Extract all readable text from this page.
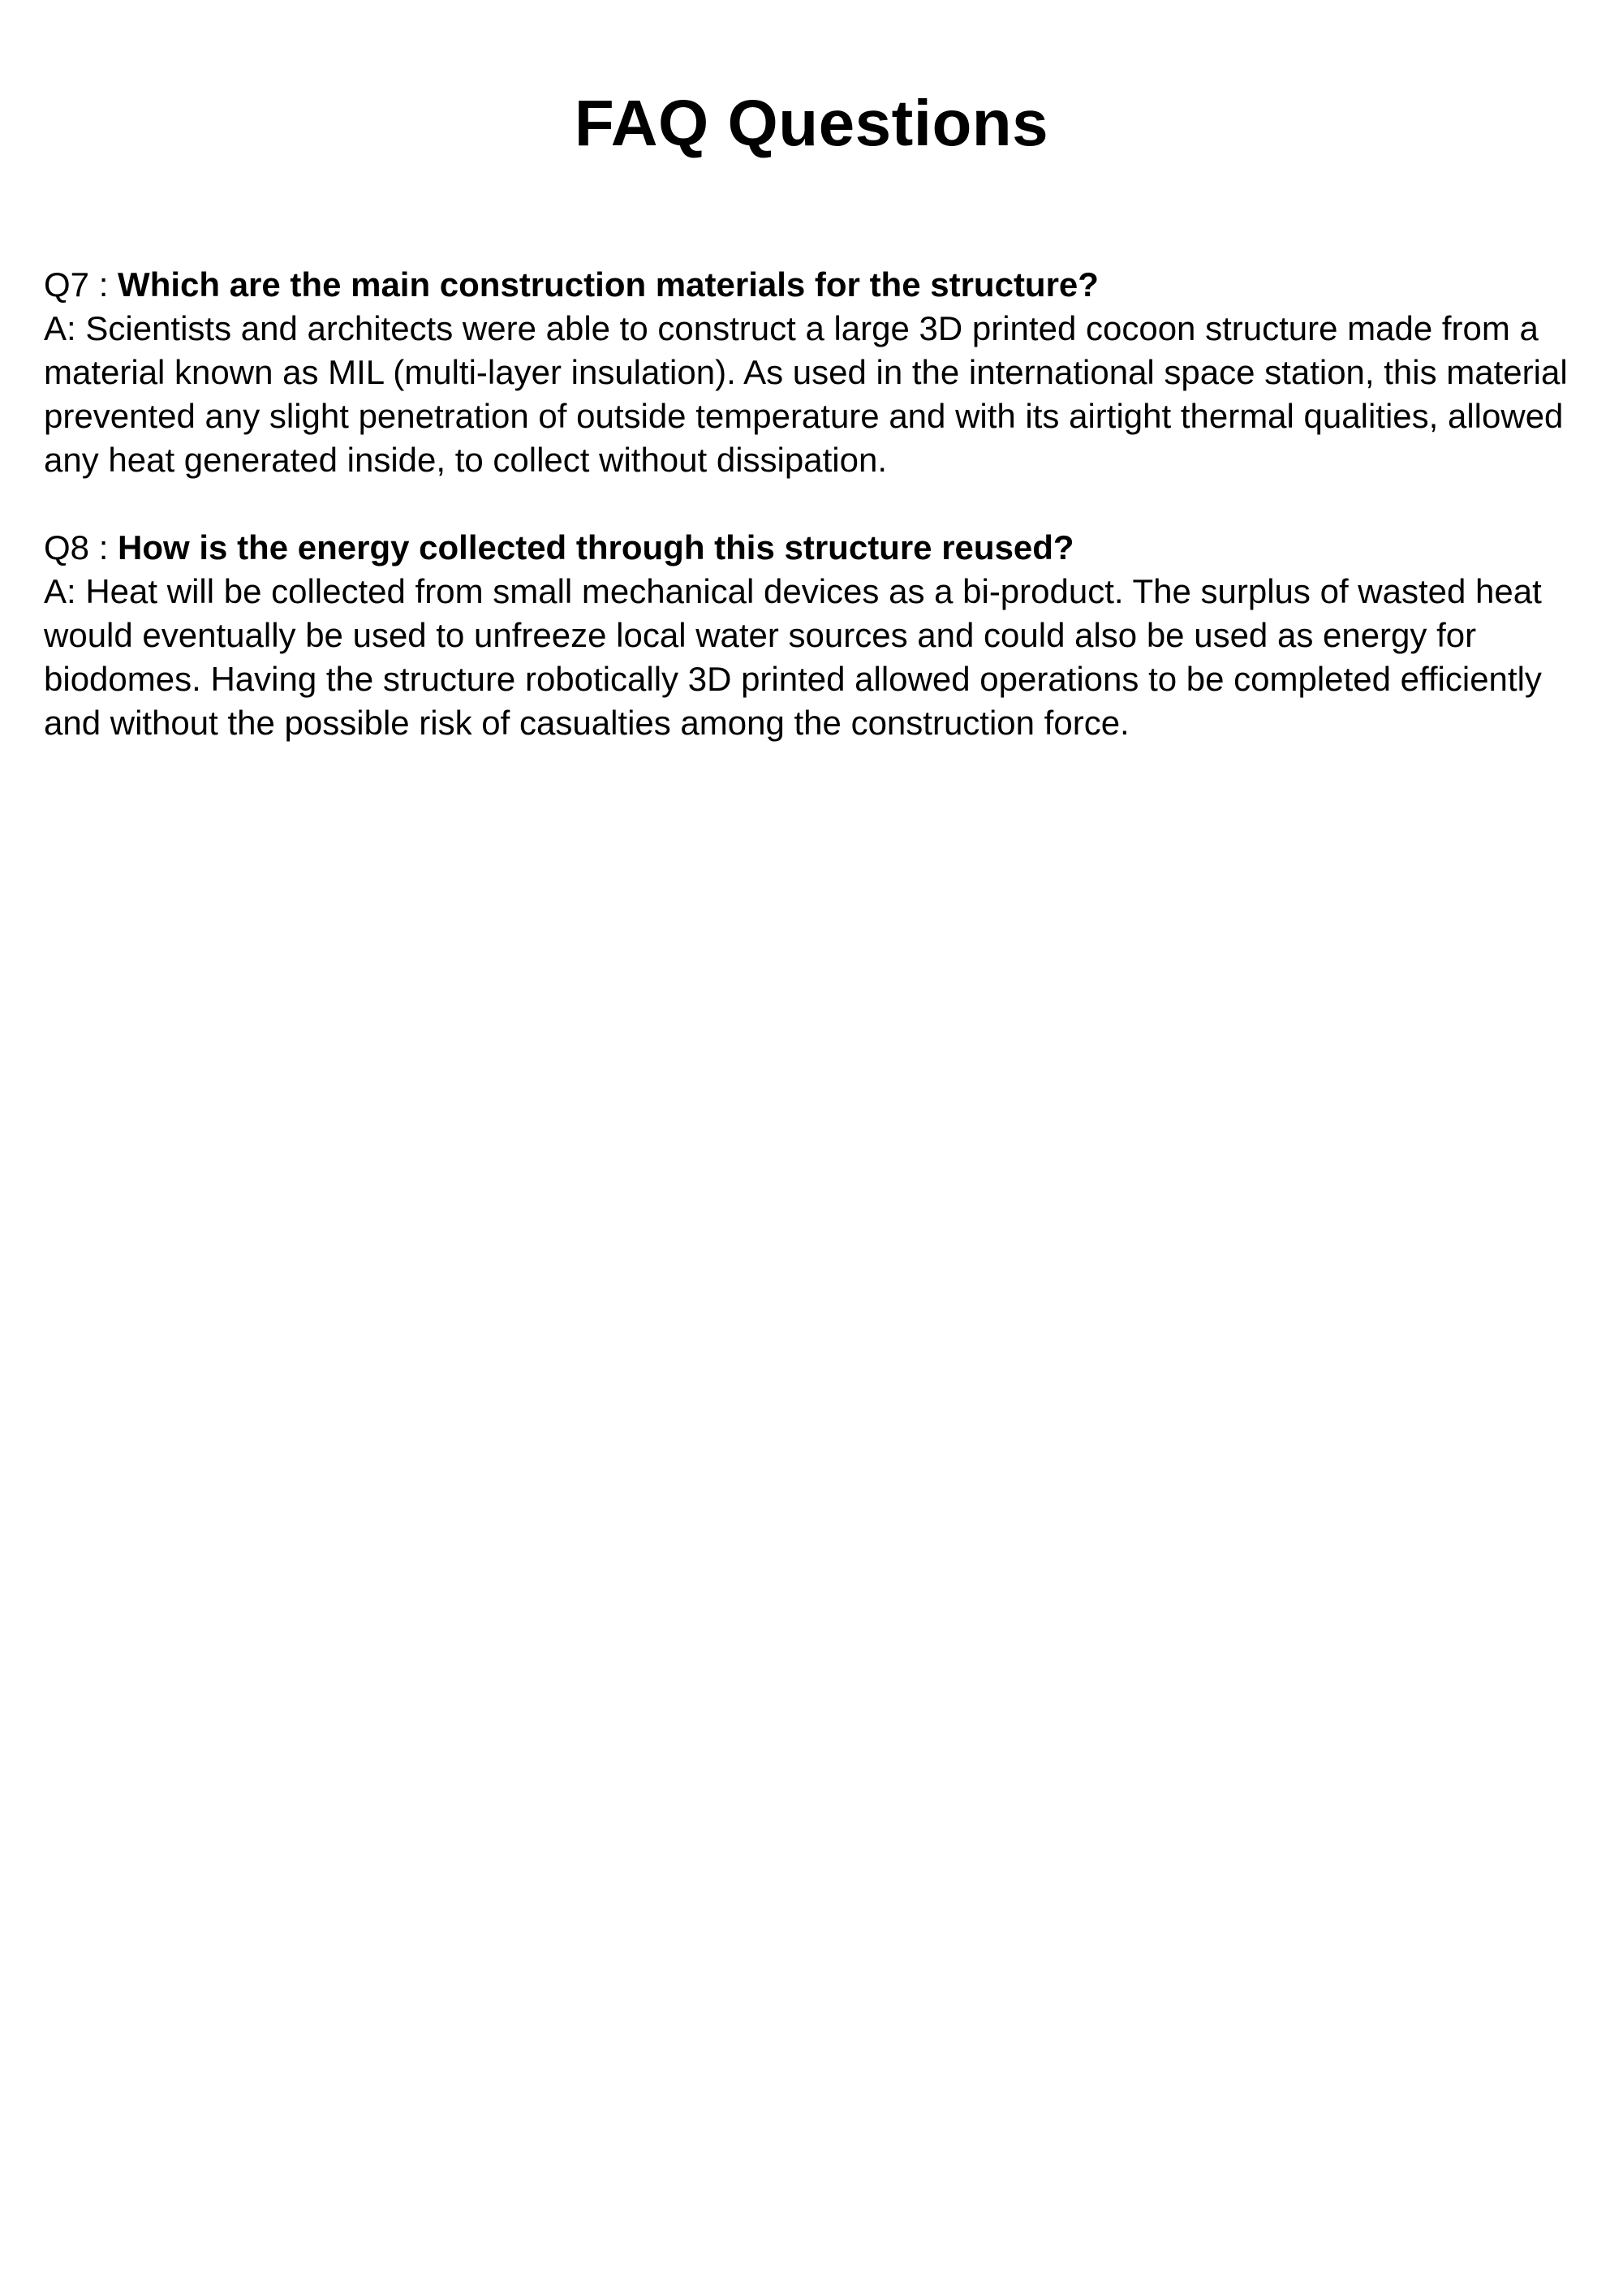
FAQ Questions

Q7 : Which are the main construction materials for the structure?

A: Scientists and architects were able to construct a large 3D printed cocoon structure made from a material known as MIL (multi-layer insulation). As used in the international space station, this material prevented any slight penetration of outside temperature and with its airtight thermal qualities, allowed any heat generated inside, to collect without dissipation.

Q8 : How is the energy collected through this structure reused?

A: Heat will be collected from small mechanical devices as a bi-product. The surplus of wasted heat would eventually be used to unfreeze local water sources and could also be used as energy for biodomes. Having the structure robotically 3D printed allowed operations to be completed efficiently and without the possible risk of casualties among the construction force.
